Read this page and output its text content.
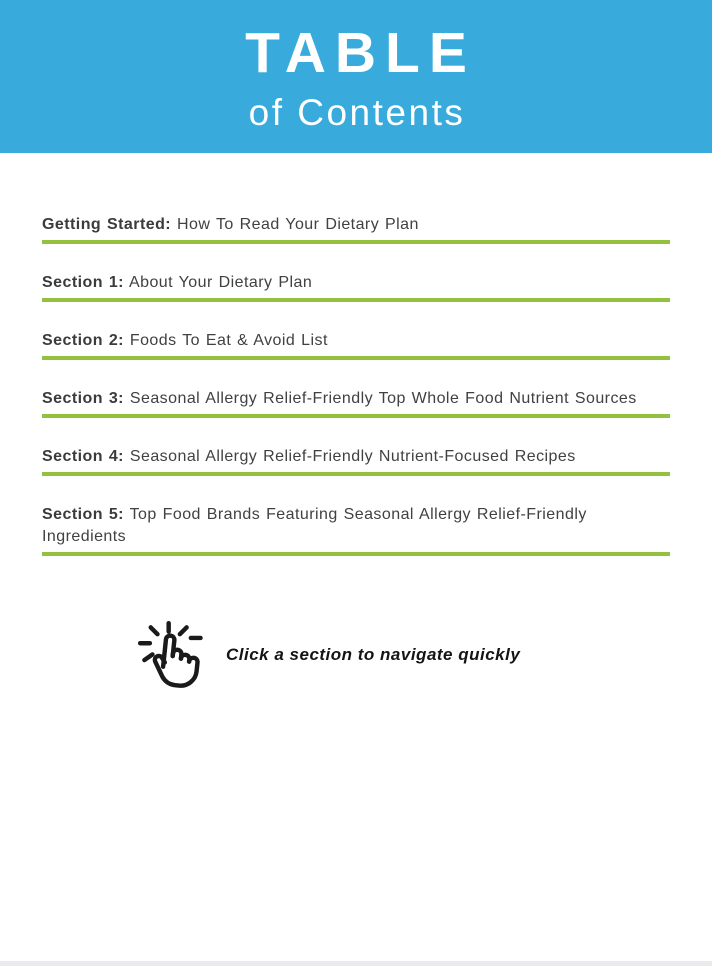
TABLE
of Contents

Getting Started: How To Read Your Dietary Plan

Section 1: About Your Dietary Plan

Section 2: Foods To Eat & Avoid List

Section 3: Seasonal Allergy Relief-Friendly Top Whole Food Nutrient Sources

Section 4: Seasonal Allergy Relief-Friendly Nutrient-Focused Recipes

Section 5: Top Food Brands Featuring Seasonal Allergy Relief-Friendly Ingredients

Click a section to navigate quickly
